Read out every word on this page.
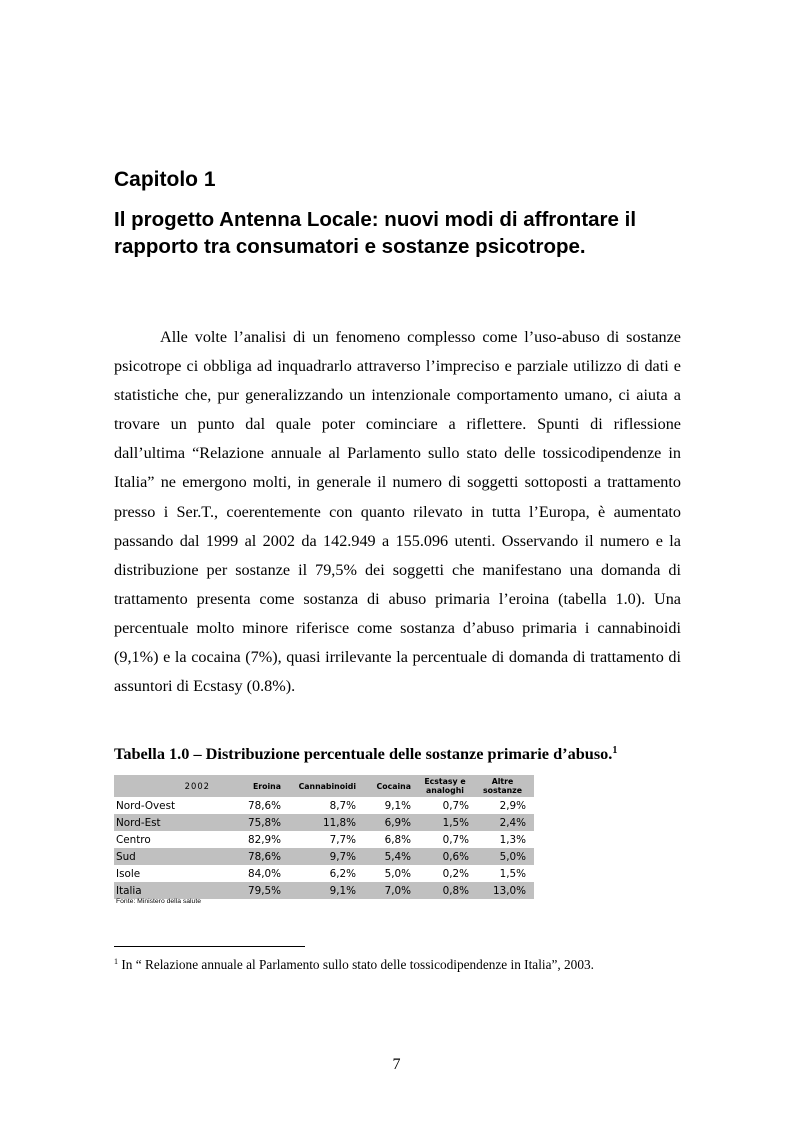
Capitolo 1
Il progetto Antenna Locale: nuovi modi di affrontare il rapporto tra consumatori e sostanze psicotrope.

Alle volte l’analisi di un fenomeno complesso come l’uso-abuso di sostanze psicotrope ci obbliga ad inquadrarlo attraverso l’impreciso e parziale utilizzo di dati e statistiche che, pur generalizzando un intenzionale comportamento umano, ci aiuta a trovare un punto dal quale poter cominciare a riflettere. Spunti di riflessione dall’ultima “Relazione annuale al Parlamento sullo stato delle tossicodipendenze in Italia” ne emergono molti, in generale il numero di soggetti sottoposti a trattamento presso i Ser.T., coerentemente con quanto rilevato in tutta l’Europa, è aumentato passando dal 1999 al 2002 da 142.949 a 155.096 utenti. Osservando il numero e la distribuzione per sostanze il 79,5% dei soggetti che manifestano una domanda di trattamento presenta come sostanza di abuso primaria l’eroina (tabella 1.0). Una percentuale molto minore riferisce come sostanza d’abuso primaria i cannabinoidi (9,1%) e la cocaina (7%), quasi irrilevante la percentuale di domanda di trattamento di assuntori di Ecstasy (0.8%).

Tabella 1.0 – Distribuzione percentuale delle sostanze primarie d’abuso.$^1$
2002	Eroina	Cannabinoidi	Cocaina	Ecstasy e analoghi	Altre sostanze
Nord-Ovest	78,6%	8,7%	9,1%	0,7%	2,9%
Nord-Est	75,8%	11,8%	6,9%	1,5%	2,4%
Centro	82,9%	7,7%	6,8%	0,7%	1,3%
Sud	78,6%	9,7%	5,4%	0,6%	5,0%
Isole	84,0%	6,2%	5,0%	0,2%	1,5%
Italia	79,5%	9,1%	7,0%	0,8%	13,0%
Fonte: Ministero della salute
$^1$ In “ Relazione annuale al Parlamento sullo stato delle tossicodipendenze in Italia”, 2003.
7
